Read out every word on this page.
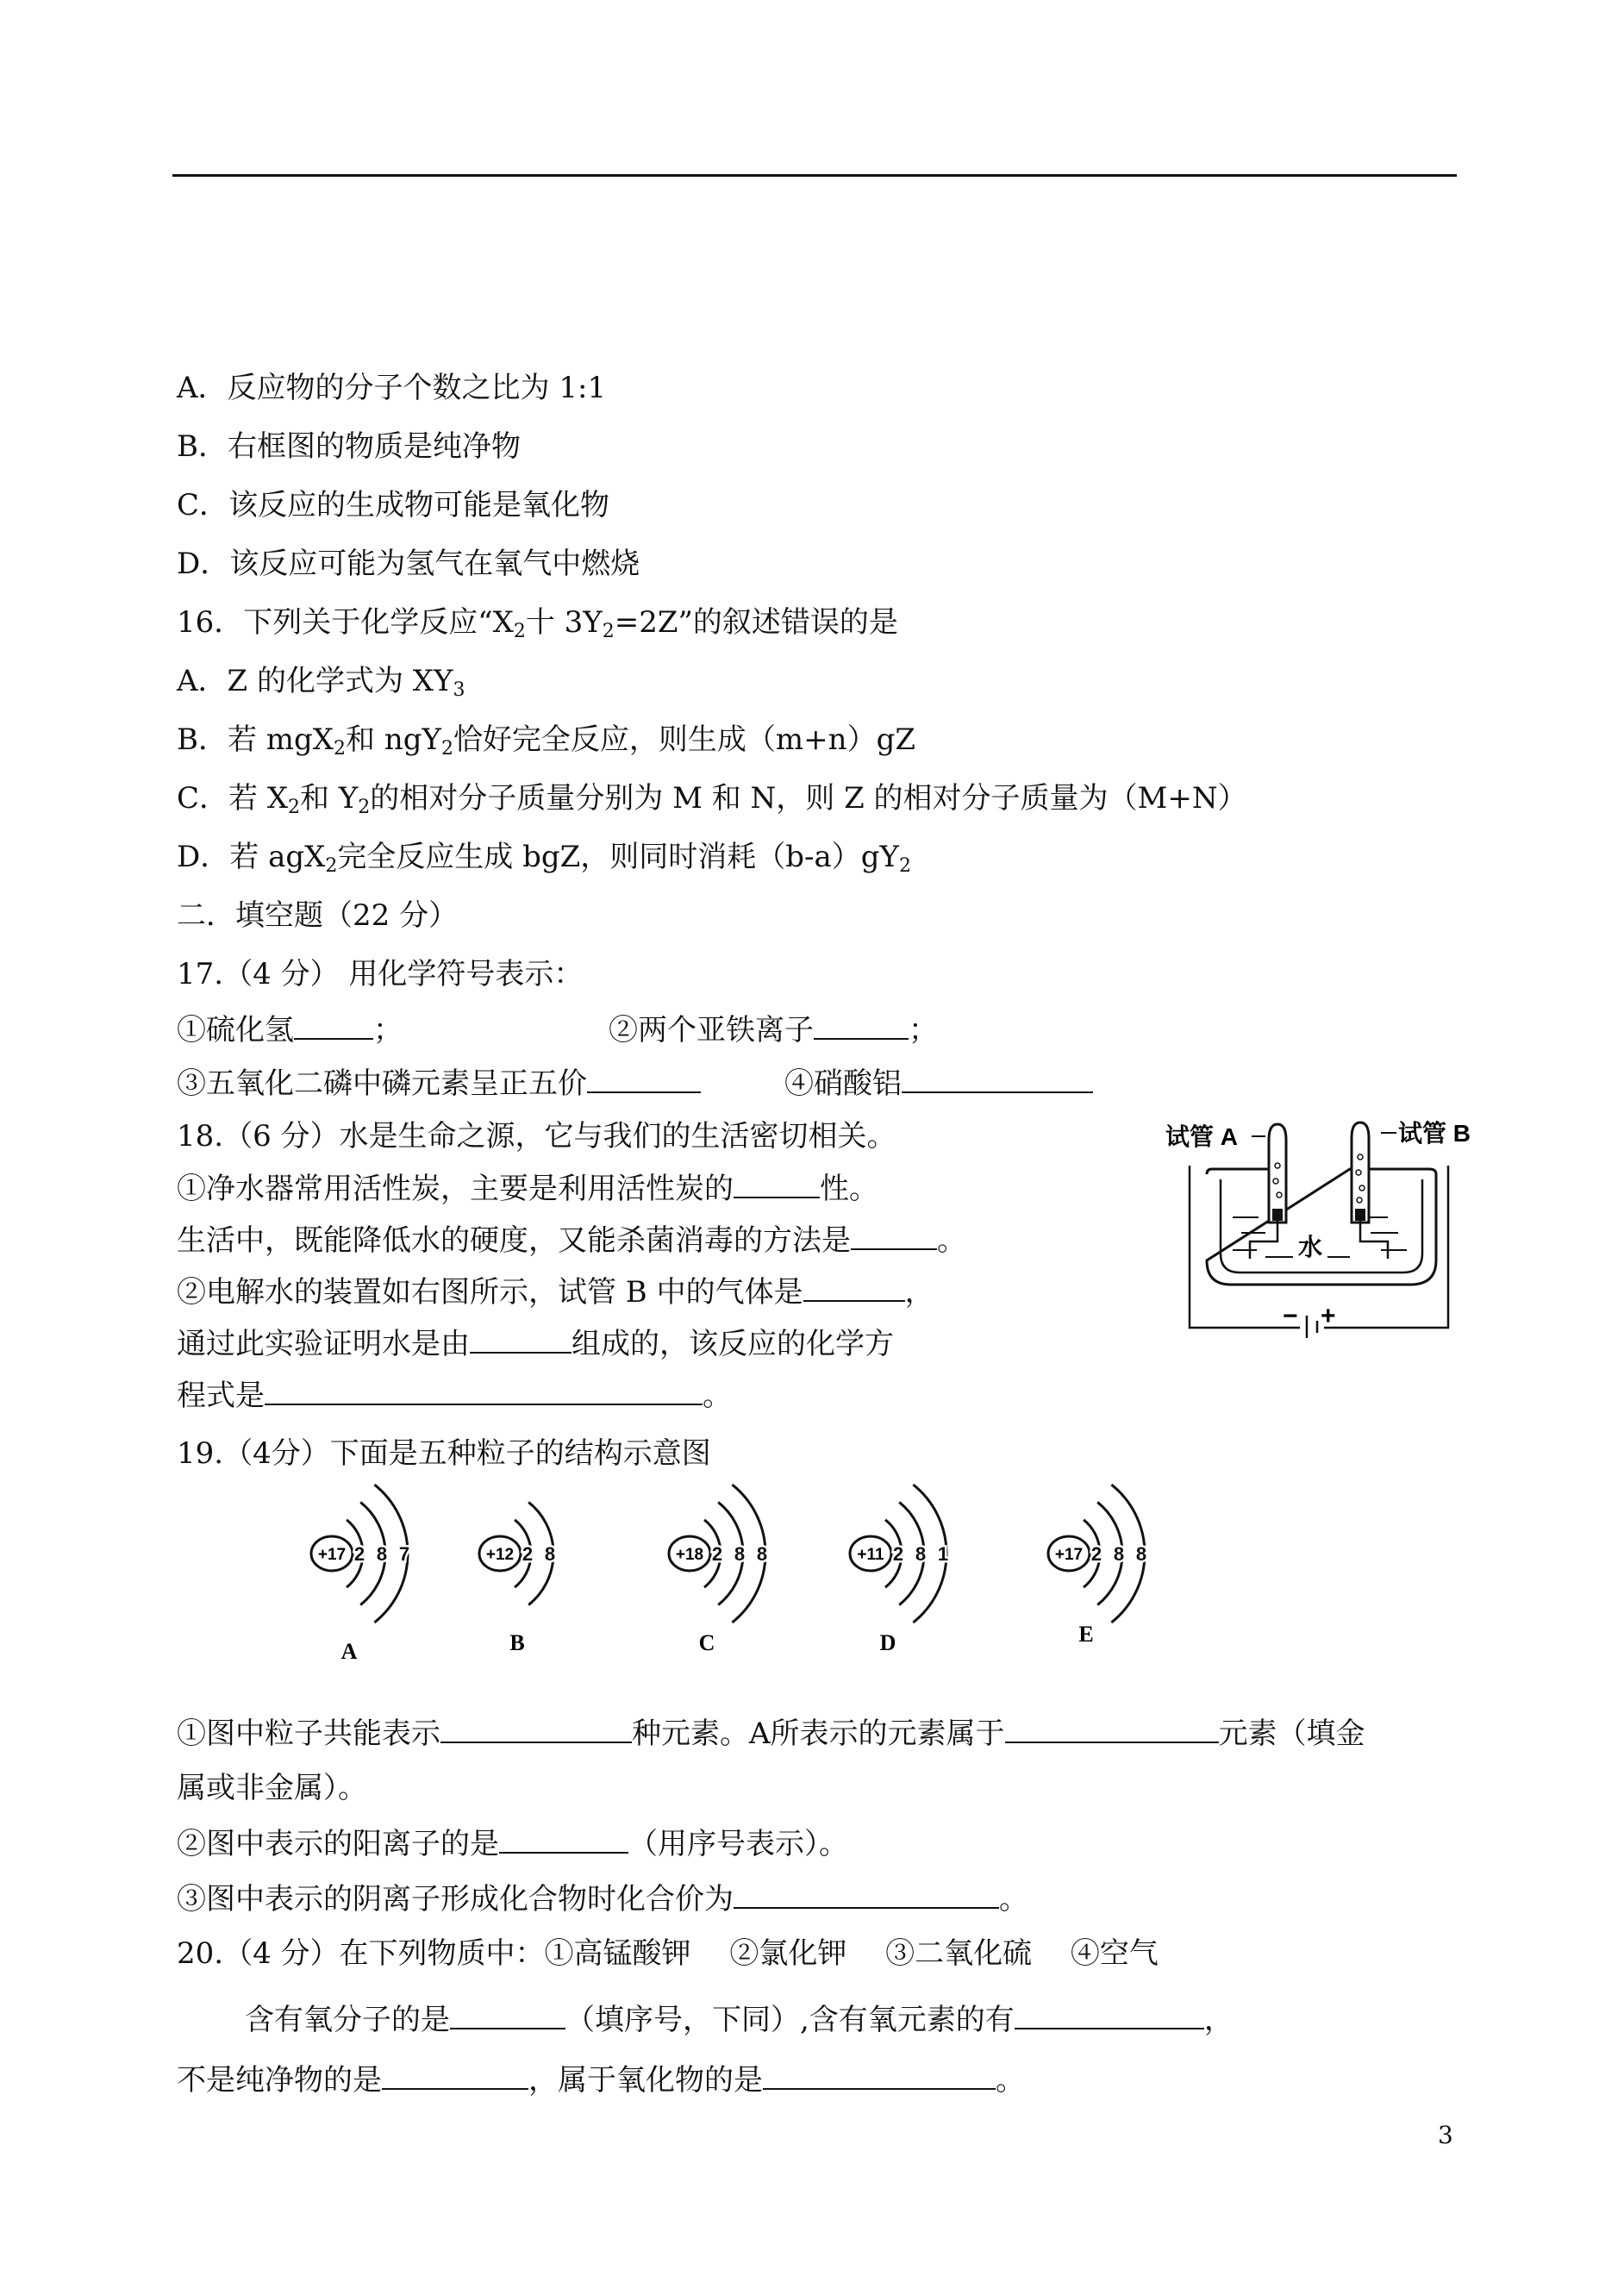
A．反应物的分子个数之比为 1:1
B．右框图的物质是纯净物
C．该反应的生成物可能是氧化物
D．该反应可能为氢气在氧气中燃烧
16．下列关于化学反应“$X_2$十 $3Y_2=2Z$”的叙述错误的是
A．Z 的化学式为 $XY_3$
B．若 mgX$_2$和 ngY$_2$恰好完全反应，则生成（m+n）gZ
C．若 $X_2$和 $Y_2$的相对分子质量分别为 M 和 N，则 Z 的相对分子质量为（M+N）
D．若 agX$_2$完全反应生成 bgZ，则同时消耗$(b-a)gY_2$
二．填空题（22 分）
17.（4 分） 用化学符号表示：
①硫化氢	；	②两个亚铁离子	；
③五氧化二磷中磷元素呈正五价	④硝酸铝
18.（6 分）水是生命之源，它与我们的生活密切相关。
①净水器常用活性炭，主要是利用活性炭的	性。
生活中，既能降低水的硬度，又能杀菌消毒的方法是	。
②电解水的装置如右图所示，试管 B 中的气体是	，
通过此实验证明水是由	组成的，该反应的化学方
程式是	。
试管 A	试管 B
水
− +
19.（4分）下面是五种粒子的结构示意图
+17 2 8 7
A
+12 2 8
B
+18 2 8 8
C
+11 2 8 1
D
+17 2 8 8
E
①图中粒子共能表示	种元素。A所表示的元素属于	元素（填金
属或非金属）。
②图中表示的阳离子的是	（用序号表示）。
③图中表示的阴离子形成化合物时化合价为	。
20.（4 分）在下列物质中：①高锰酸钾　 ②氯化钾　 ③二氧化硫　 ④空气
含有氧分子的是	（填序号，下同）,含有氧元素的有	，
不是纯净物的是	，属于氧化物的是	。
3
